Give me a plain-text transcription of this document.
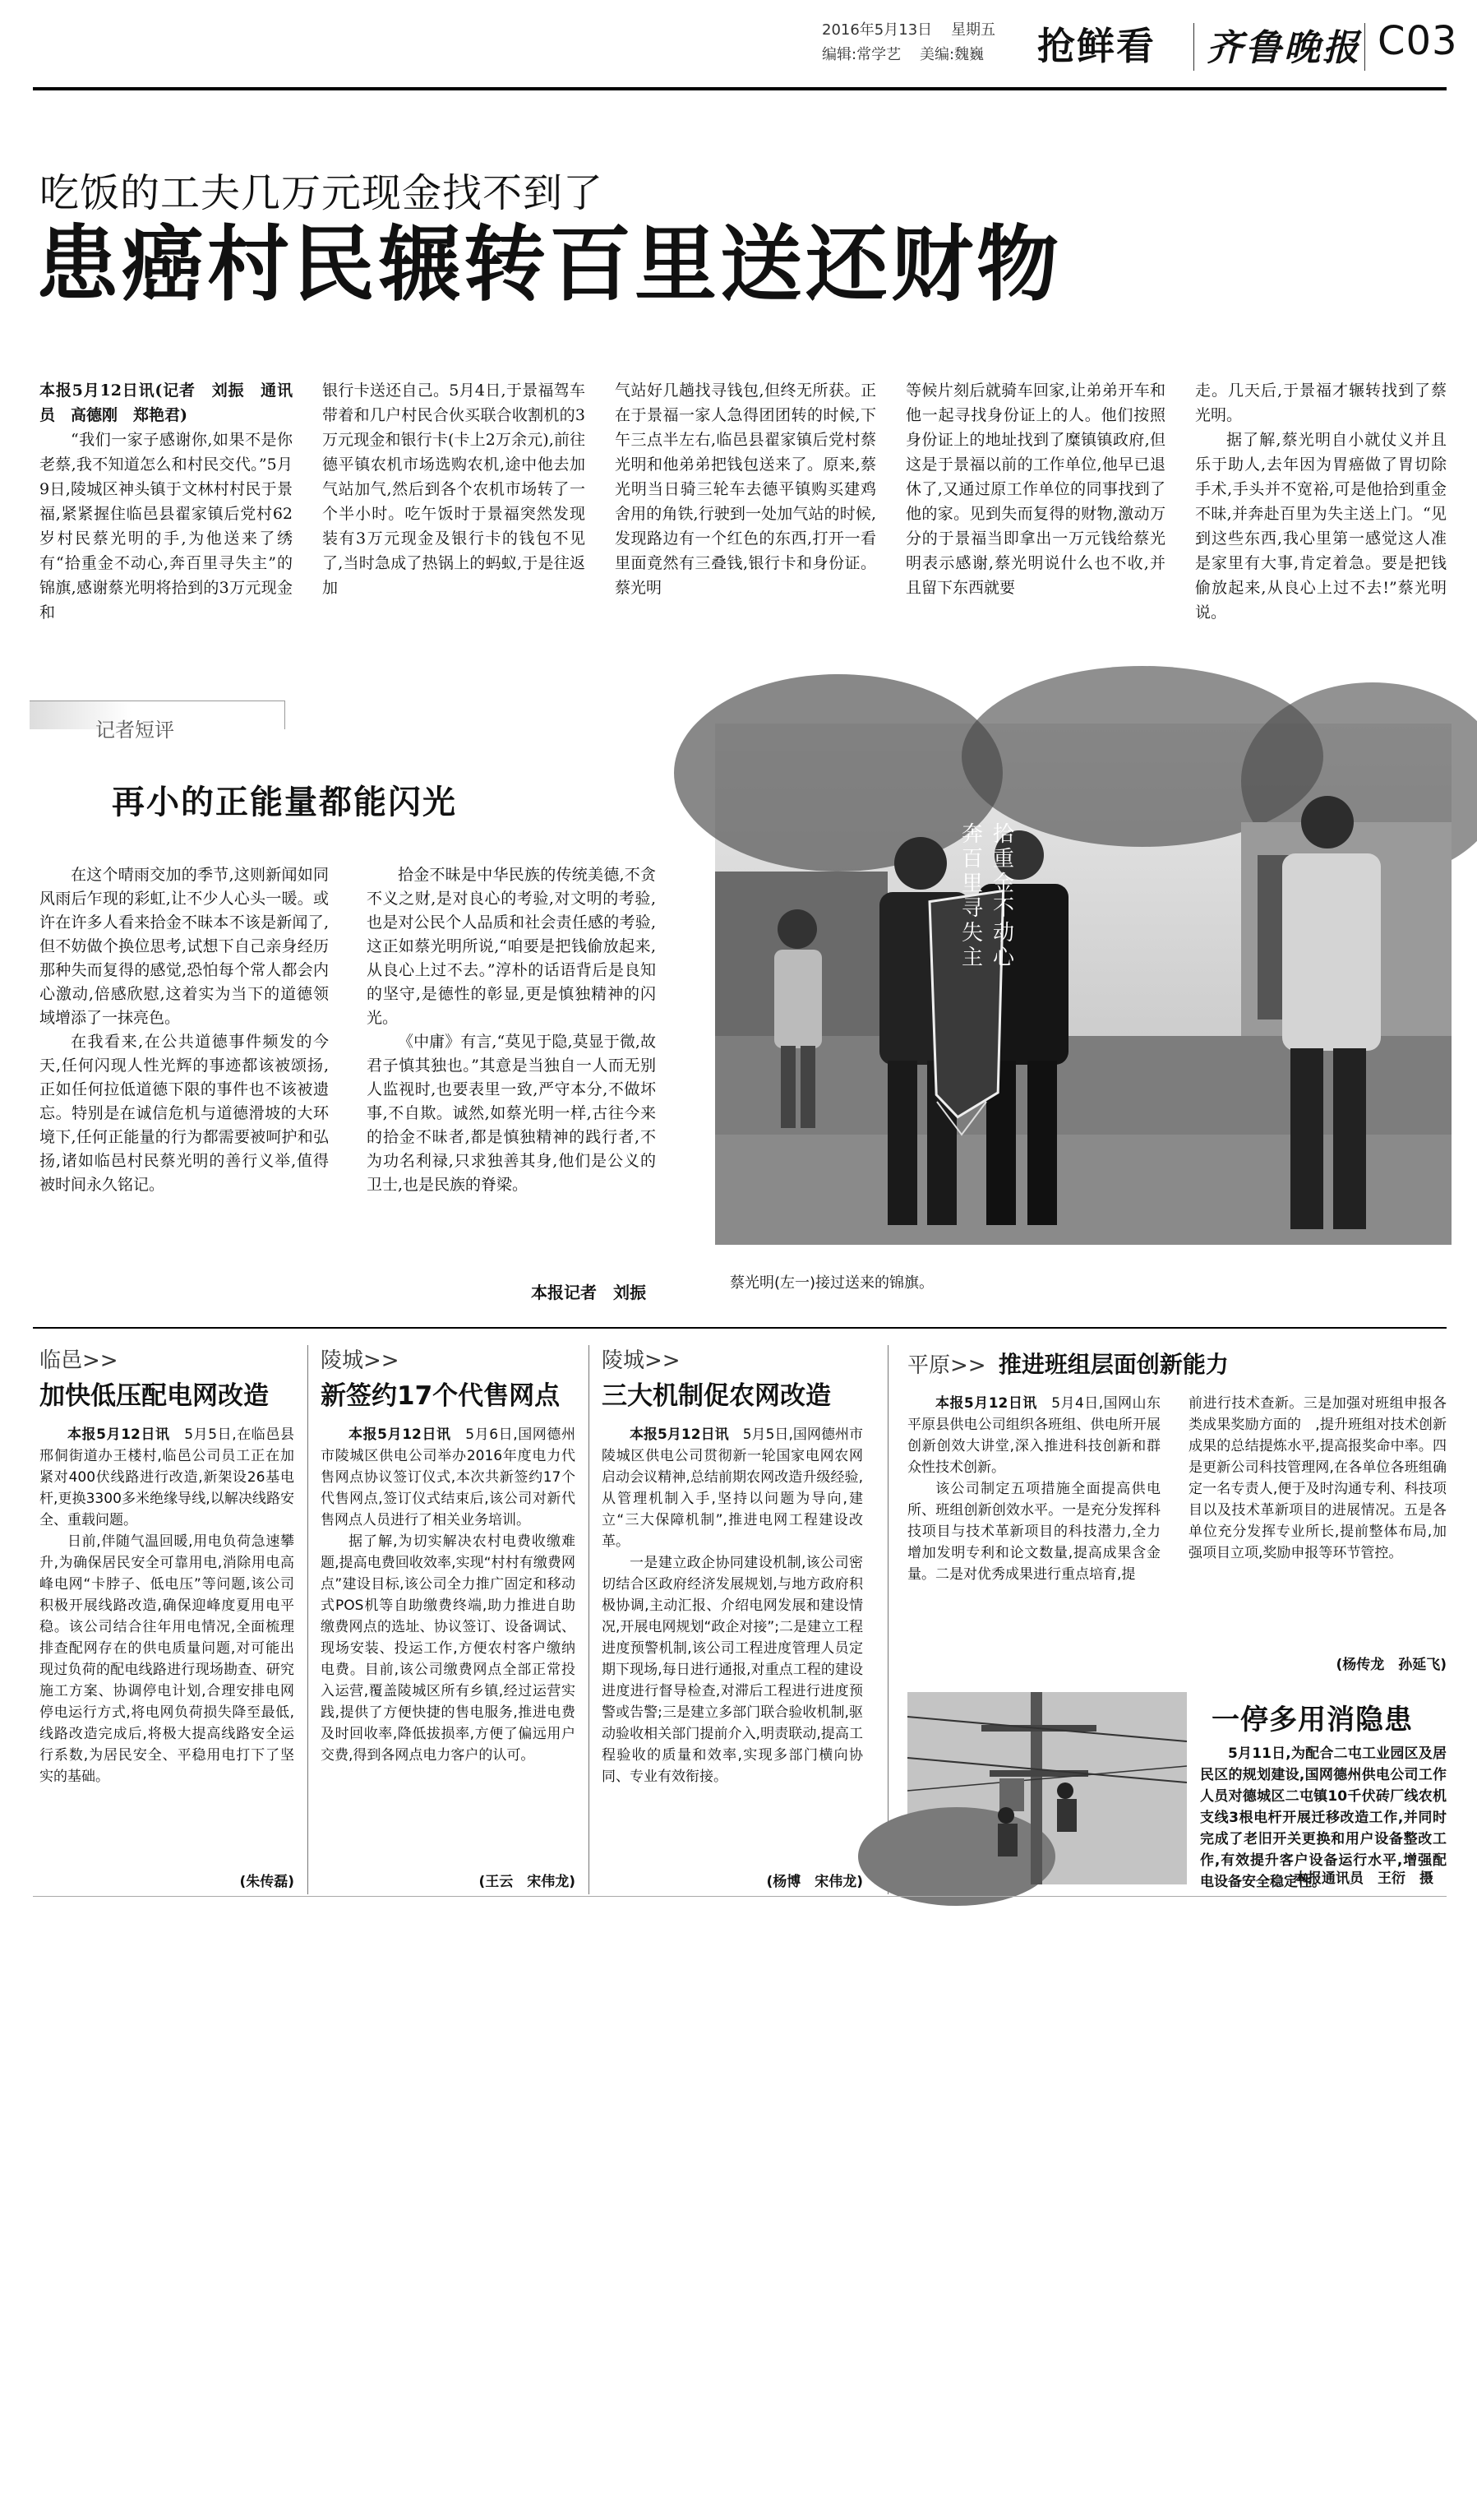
2016年5月13日 星期五
编辑:常学艺 美编:魏巍 抢鲜看 齐鲁晚报 C03
吃饭的工夫几万元现金找不到了
患癌村民辗转百里送还财物

本报5月12日讯(记者　刘振　通讯员　高德刚　郑艳君)

“我们一家子感谢你,如果不是你老蔡,我不知道怎么和村民交代。”5月9日,陵城区神头镇于文林村村民于景福,紧紧握住临邑县翟家镇后党村62岁村民蔡光明的手,为他送来了绣有“拾重金不动心,奔百里寻失主”的锦旗,感谢蔡光明将拾到的3万元现金和

银行卡送还自己。5月4日,于景福驾车带着和几户村民合伙买联合收割机的3万元现金和银行卡(卡上2万余元),前往德平镇农机市场选购农机,途中他去加气站加气,然后到各个农机市场转了一个半小时。吃午饭时于景福突然发现装有3万元现金及银行卡的钱包不见了,当时急成了热锅上的蚂蚁,于是往返加

气站好几趟找寻钱包,但终无所获。正在于景福一家人急得团团转的时候,下午三点半左右,临邑县翟家镇后党村蔡光明和他弟弟把钱包送来了。原来,蔡光明当日骑三轮车去德平镇购买建鸡舍用的角铁,行驶到一处加气站的时候,发现路边有一个红色的东西,打开一看里面竟然有三叠钱,银行卡和身份证。蔡光明

等候片刻后就骑车回家,让弟弟开车和他一起寻找身份证上的人。他们按照身份证上的地址找到了糜镇镇政府,但这是于景福以前的工作单位,他早已退休了,又通过原工作单位的同事找到了他的家。见到失而复得的财物,激动万分的于景福当即拿出一万元钱给蔡光明表示感谢,蔡光明说什么也不收,并且留下东西就要

走。几天后,于景福才辗转找到了蔡光明。

据了解,蔡光明自小就仗义并且乐于助人,去年因为胃癌做了胃切除手术,手头并不宽裕,可是他拾到重金不昧,并奔赴百里为失主送上门。“见到这些东西,我心里第一感觉这人准是家里有大事,肯定着急。要是把钱偷放起来,从良心上过不去!”蔡光明说。

记者短评
再小的正能量都能闪光

在这个晴雨交加的季节,这则新闻如同风雨后乍现的彩虹,让不少人心头一暖。或许在许多人看来拾金不昧本不该是新闻了,但不妨做个换位思考,试想下自己亲身经历那种失而复得的感觉,恐怕每个常人都会内心激动,倍感欣慰,这着实为当下的道德领域增添了一抹亮色。

在我看来,在公共道德事件频发的今天,任何闪现人性光辉的事迹都该被颂扬,正如任何拉低道德下限的事件也不该被遗忘。特别是在诚信危机与道德滑坡的大环境下,任何正能量的行为都需要被呵护和弘扬,诸如临邑村民蔡光明的善行义举,值得被时间永久铭记。

拾金不昧是中华民族的传统美德,不贪不义之财,是对良心的考验,对文明的考验,也是对公民个人品质和社会责任感的考验,这正如蔡光明所说,“咱要是把钱偷放起来,从良心上过不去。”淳朴的话语背后是良知的坚守,是德性的彰显,更是慎独精神的闪光。

《中庸》有言,“莫见于隐,莫显于微,故君子慎其独也。”其意是当独自一人而无别人监视时,也要表里一致,严守本分,不做坏事,不自欺。诚然,如蔡光明一样,古往今来的拾金不昧者,都是慎独精神的践行者,不为功名利禄,只求独善其身,他们是公义的卫士,也是民族的脊梁。

本报记者　刘振
拾重金不动心
奔百里寻失主
蔡光明(左一)接过送来的锦旗。
临邑>>
加快低压配电网改造

本报5月12日讯　 5月5日,在临邑县邢侗街道办王楼村,临邑公司员工正在加紧对400伏线路进行改造,新架设26基电杆,更换3300多米绝缘导线,以解决线路安全、重载问题。

日前,伴随气温回暖,用电负荷急速攀升,为确保居民安全可靠用电,消除用电高峰电网“卡脖子、低电压”等问题,该公司积极开展线路改造,确保迎峰度夏用电平稳。该公司结合往年用电情况,全面梳理排查配网存在的供电质量问题,对可能出现过负荷的配电线路进行现场勘查、研究施工方案、协调停电计划,合理安排电网停电运行方式,将电网负荷损失降至最低,线路改造完成后,将极大提高线路安全运行系数,为居民安全、平稳用电打下了坚实的基础。

(朱传磊)
陵城>>
新签约17个代售网点

本报5月12日讯　 5月6日,国网德州市陵城区供电公司举办2016年度电力代售网点协议签订仪式,本次共新签约17个代售网点,签订仪式结束后,该公司对新代售网点人员进行了相关业务培训。

据了解,为切实解决农村电费收缴难题,提高电费回收效率,实现“村村有缴费网点”建设目标,该公司全力推广固定和移动式POS机等自助缴费终端,助力推进自助缴费网点的选址、协议签订、设备调试、现场安装、投运工作,方便农村客户缴纳电费。目前,该公司缴费网点全部正常投入运营,覆盖陵城区所有乡镇,经过运营实践,提供了方便快捷的售电服务,推进电费及时回收率,降低拔损率,方便了偏远用户交费,得到各网点电力客户的认可。

(王云　宋伟龙)
陵城>>
三大机制促农网改造

本报5月12日讯　 5月5日,国网德州市陵城区供电公司贯彻新一轮国家电网农网启动会议精神,总结前期农网改造升级经验,从管理机制入手,坚持以问题为导向,建立“三大保障机制”,推进电网工程建设改革。

一是建立政企协同建设机制,该公司密切结合区政府经济发展规划,与地方政府积极协调,主动汇报、介绍电网发展和建设情况,开展电网规划“政企对接”;二是建立工程进度预警机制,该公司工程进度管理人员定期下现场,每日进行通报,对重点工程的建设进度进行督导检查,对滞后工程进行进度预警或告警;三是建立多部门联合验收机制,驱动验收相关部门提前介入,明责联动,提高工程验收的质量和效率,实现多部门横向协同、专业有效衔接。

(杨博　宋伟龙)
平原>> 推进班组层面创新能力

本报5月12日讯　 5月4日,国网山东平原县供电公司组织各班组、供电所开展创新创效大讲堂,深入推进科技创新和群众性技术创新。

该公司制定五项措施全面提高供电所、班组创新创效水平。一是充分发挥科技项目与技术革新项目的科技潜力,全力增加发明专利和论文数量,提高成果含金量。二是对优秀成果进行重点培育,提

前进行技术查新。三是加强对班组申报各类成果奖励方面的　,提升班组对技术创新成果的总结提炼水平,提高报奖命中率。四是更新公司科技管理网,在各单位各班组确定一名专责人,便于及时沟通专利、科技项目以及技术革新项目的进展情况。五是各单位充分发挥专业所长,提前整体布局,加强项目立项,奖励申报等环节管控。

(杨传龙　孙延飞)
一停多用消隐患

5月11日,为配合二屯工业园区及居民区的规划建设,国网德州供电公司工作人员对德城区二屯镇10千伏砖厂线农机支线3根电杆开展迁移改造工作,并同时完成了老旧开关更换和用户设备整改工作,有效提升客户设备运行水平,增强配电设备安全稳定性。

本报通讯员　王衍　摄
